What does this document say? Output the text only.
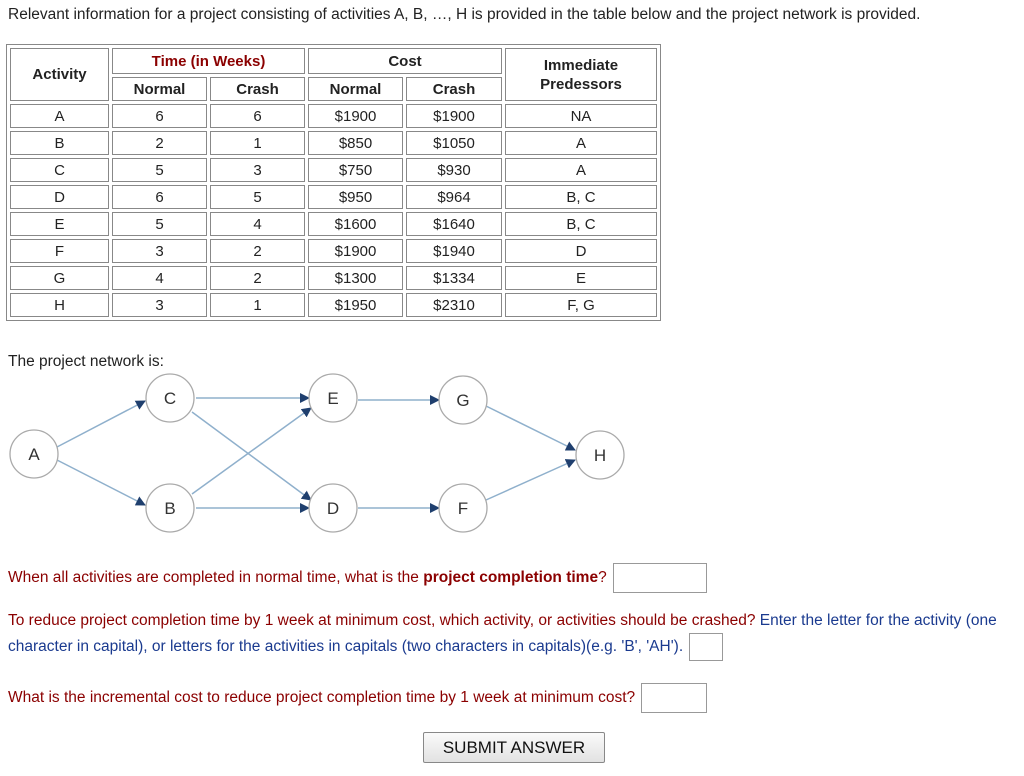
Relevant information for a project consisting of activities A, B, …, H is provided in the table below and the project network is provided.
Activity	Time (in Weeks)		Cost		Immediate Predessors
	Normal	Crash	Normal	Crash	
A	6	6	$1900	$1900	NA
B	2	1	$850	$1050	A
C	5	3	$750	$930	A
D	6	5	$950	$964	B, C
E	5	4	$1600	$1640	B, C
F	3	2	$1900	$1940	D
G	4	2	$1300	$1334	E
H	3	1	$1950	$2310	F, G
The project network is:
A
C
B
E
D
G
F
H
When all activities are completed in normal time, what is the project completion time?
To reduce project completion time by 1 week at minimum cost, which activity, or activities should be crashed? Enter the letter for the activity (one character in capital), or letters for the activities in capitals (two characters in capitals)(e.g. 'B', 'AH').
What is the incremental cost to reduce project completion time by 1 week at minimum cost?
SUBMIT ANSWER
